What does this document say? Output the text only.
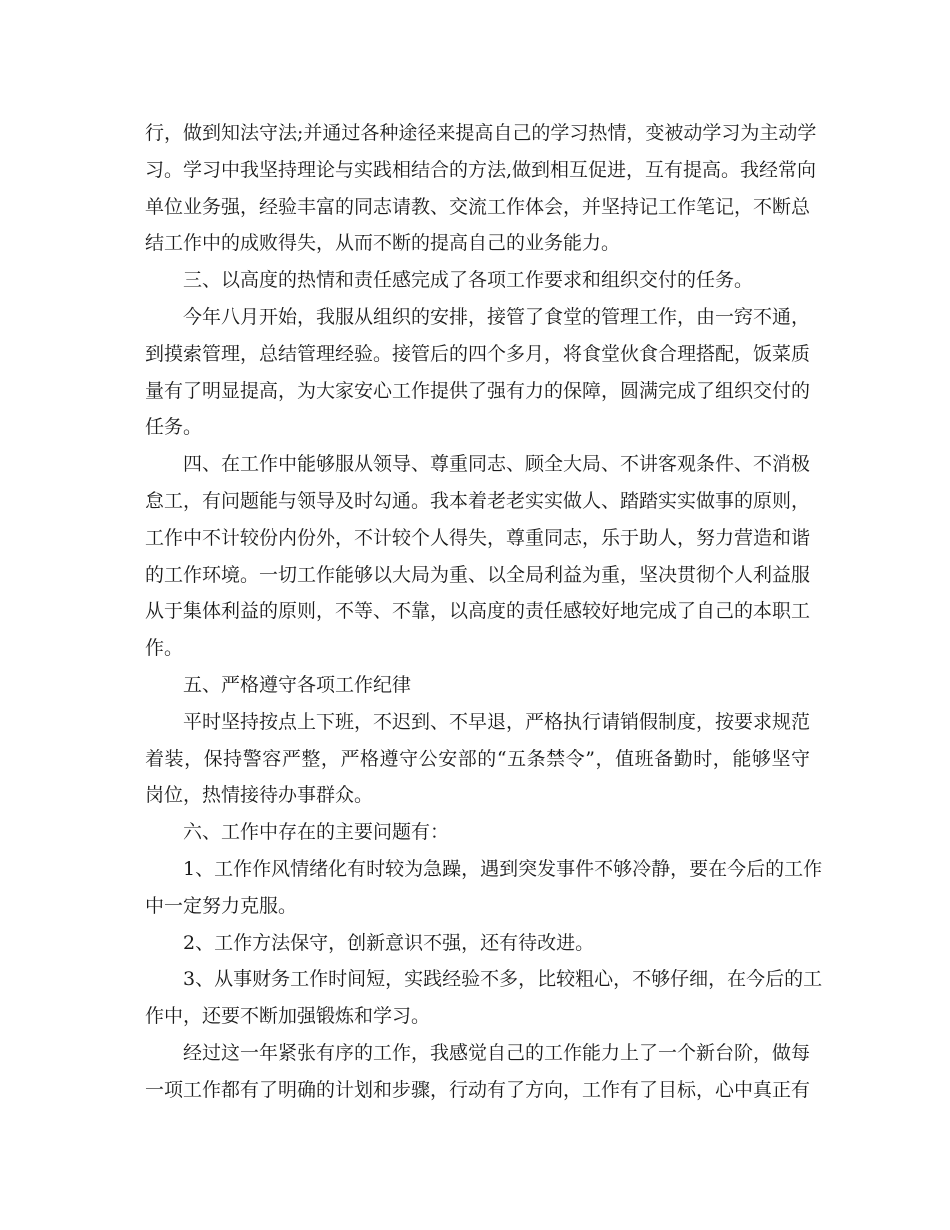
行，做到知法守法;并通过各种途径来提高自己的学习热情，变被动学习为主动学
习。学习中我坚持理论与实践相结合的方法,做到相互促进，互有提高。我经常向
单位业务强，经验丰富的同志请教、交流工作体会，并坚持记工作笔记，不断总
结工作中的成败得失，从而不断的提高自己的业务能力。
三、以高度的热情和责任感完成了各项工作要求和组织交付的任务。
今年八月开始，我服从组织的安排，接管了食堂的管理工作，由一窍不通，
到摸索管理，总结管理经验。接管后的四个多月，将食堂伙食合理搭配，饭菜质
量有了明显提高，为大家安心工作提供了强有力的保障，圆满完成了组织交付的
任务。
四、在工作中能够服从领导、尊重同志、顾全大局、不讲客观条件、不消极
怠工，有问题能与领导及时勾通。我本着老老实实做人、踏踏实实做事的原则，
工作中不计较份内份外，不计较个人得失，尊重同志，乐于助人，努力营造和谐
的工作环境。一切工作能够以大局为重、以全局利益为重，坚决贯彻个人利益服
从于集体利益的原则，不等、不靠，以高度的责任感较好地完成了自己的本职工
作。
五、严格遵守各项工作纪律
平时坚持按点上下班，不迟到、不早退，严格执行请销假制度，按要求规范
着装，保持警容严整，严格遵守公安部的“五条禁令”，值班备勤时，能够坚守
岗位，热情接待办事群众。
六、工作中存在的主要问题有：
1、工作作风情绪化有时较为急躁，遇到突发事件不够冷静，要在今后的工作
中一定努力克服。
2、工作方法保守，创新意识不强，还有待改进。
3、从事财务工作时间短，实践经验不多，比较粗心，不够仔细，在今后的工
作中，还要不断加强锻炼和学习。
经过这一年紧张有序的工作，我感觉自己的工作能力上了一个新台阶，做每
一项工作都有了明确的计划和步骤，行动有了方向，工作有了目标，心中真正有
